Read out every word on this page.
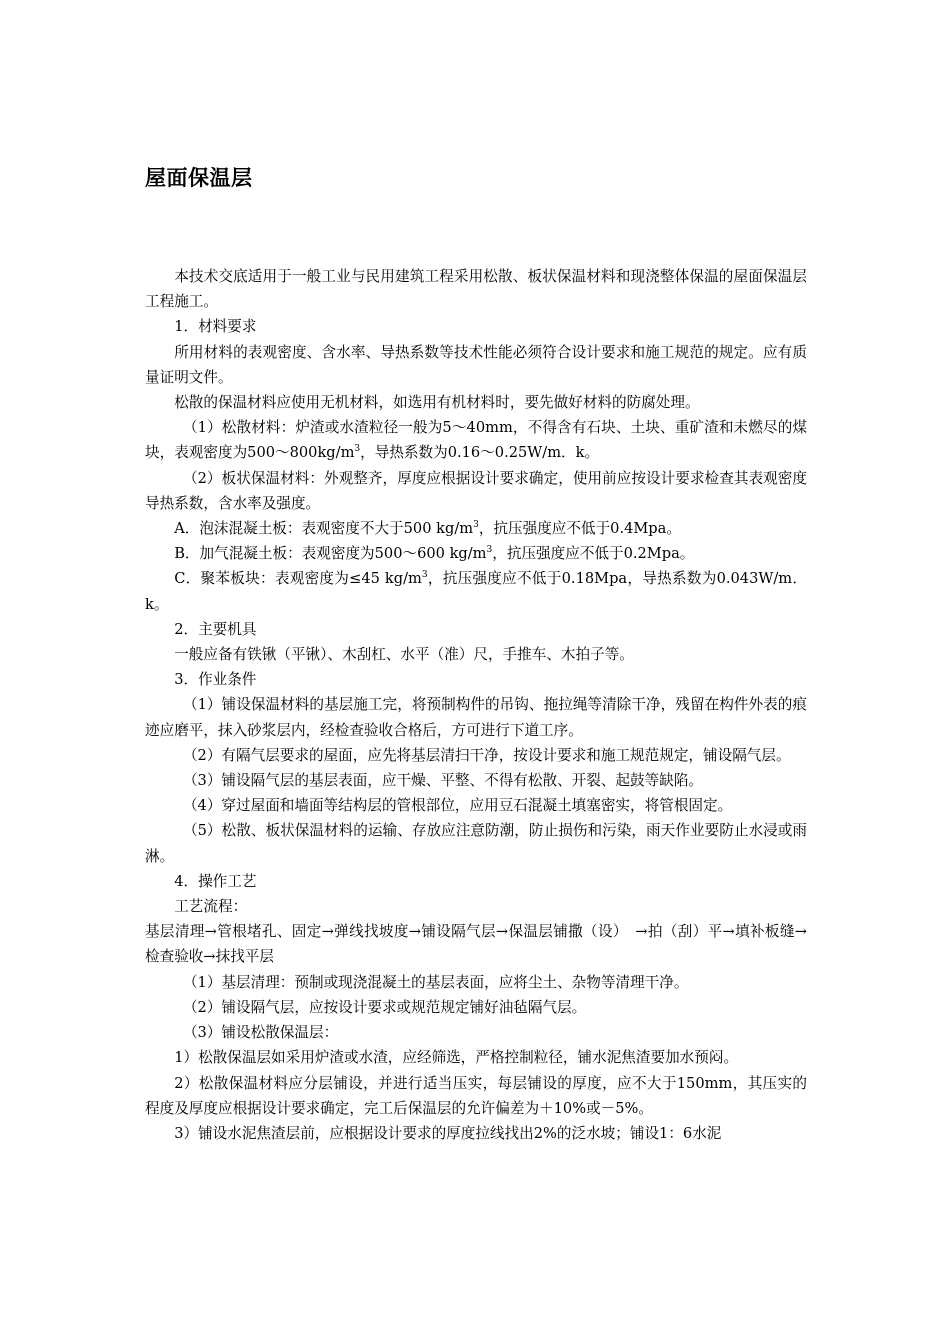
屋面保温层

本技术交底适用于一般工业与民用建筑工程采用松散、板状保温材料和现浇整体保温的屋面保温层工程施工。

1．材料要求

所用材料的表观密度、含水率、导热系数等技术性能必须符合设计要求和施工规范的规定。应有质量证明文件。

松散的保温材料应使用无机材料，如选用有机材料时，要先做好材料的防腐处理。

（1）松散材料：炉渣或水渣粒径一般为5～40mm，不得含有石块、土块、重矿渣和未燃尽的煤块，表观密度为$500\sim 800kg/m^3$，导热系数为0.16～0.25W/m．k。

（2）板状保温材料：外观整齐，厚度应根据设计要求确定，使用前应按设计要求检查其表观密度导热系数，含水率及强度。

A．泡沫混凝土板：表观密度不大于500 $kg/m^3$，抗压强度应不低于0.4Mpa。

B．加气混凝土板：表观密度为500～600 $kg/m^3$，抗压强度应不低于0.2Mpa。

C．聚苯板块：表观密度为≤45 $kg/m^3$，抗压强度应不低于0.18Mpa，导热系数为0.043W/m．k。

2．主要机具

一般应备有铁锹（平锹）、木刮杠、水平（准）尺，手推车、木拍子等。

3．作业条件

（1）铺设保温材料的基层施工完，将预制构件的吊钩、拖拉绳等清除干净，残留在构件外表的痕迹应磨平，抹入砂浆层内，经检查验收合格后，方可进行下道工序。

（2）有隔气层要求的屋面，应先将基层清扫干净，按设计要求和施工规范规定，铺设隔气层。

（3）铺设隔气层的基层表面，应干燥、平整、不得有松散、开裂、起鼓等缺陷。

（4）穿过屋面和墙面等结构层的管根部位，应用豆石混凝土填塞密实，将管根固定。

（5）松散、板状保温材料的运输、存放应注意防潮，防止损伤和污染，雨天作业要防止水浸或雨淋。

4．操作工艺

工艺流程：

基层清理→管根堵孔、固定→弹线找坡度→铺设隔气层→保温层铺撒（设）　→拍（刮）平→填补板缝→检查验收→抹找平层

（1）基层清理：预制或现浇混凝土的基层表面，应将尘土、杂物等清理干净。

（2）铺设隔气层，应按设计要求或规范规定铺好油毡隔气层。

（3）铺设松散保温层：

1）松散保温层如采用炉渣或水渣，应经筛选，严格控制粒径，铺水泥焦渣要加水预闷。

2）松散保温材料应分层铺设，并进行适当压实，每层铺设的厚度，应不大于150mm，其压实的程度及厚度应根据设计要求确定，完工后保温层的允许偏差为＋10%或－5%。

3）铺设水泥焦渣层前，应根据设计要求的厚度拉线找出2%的泛水坡；铺设1：6水泥
